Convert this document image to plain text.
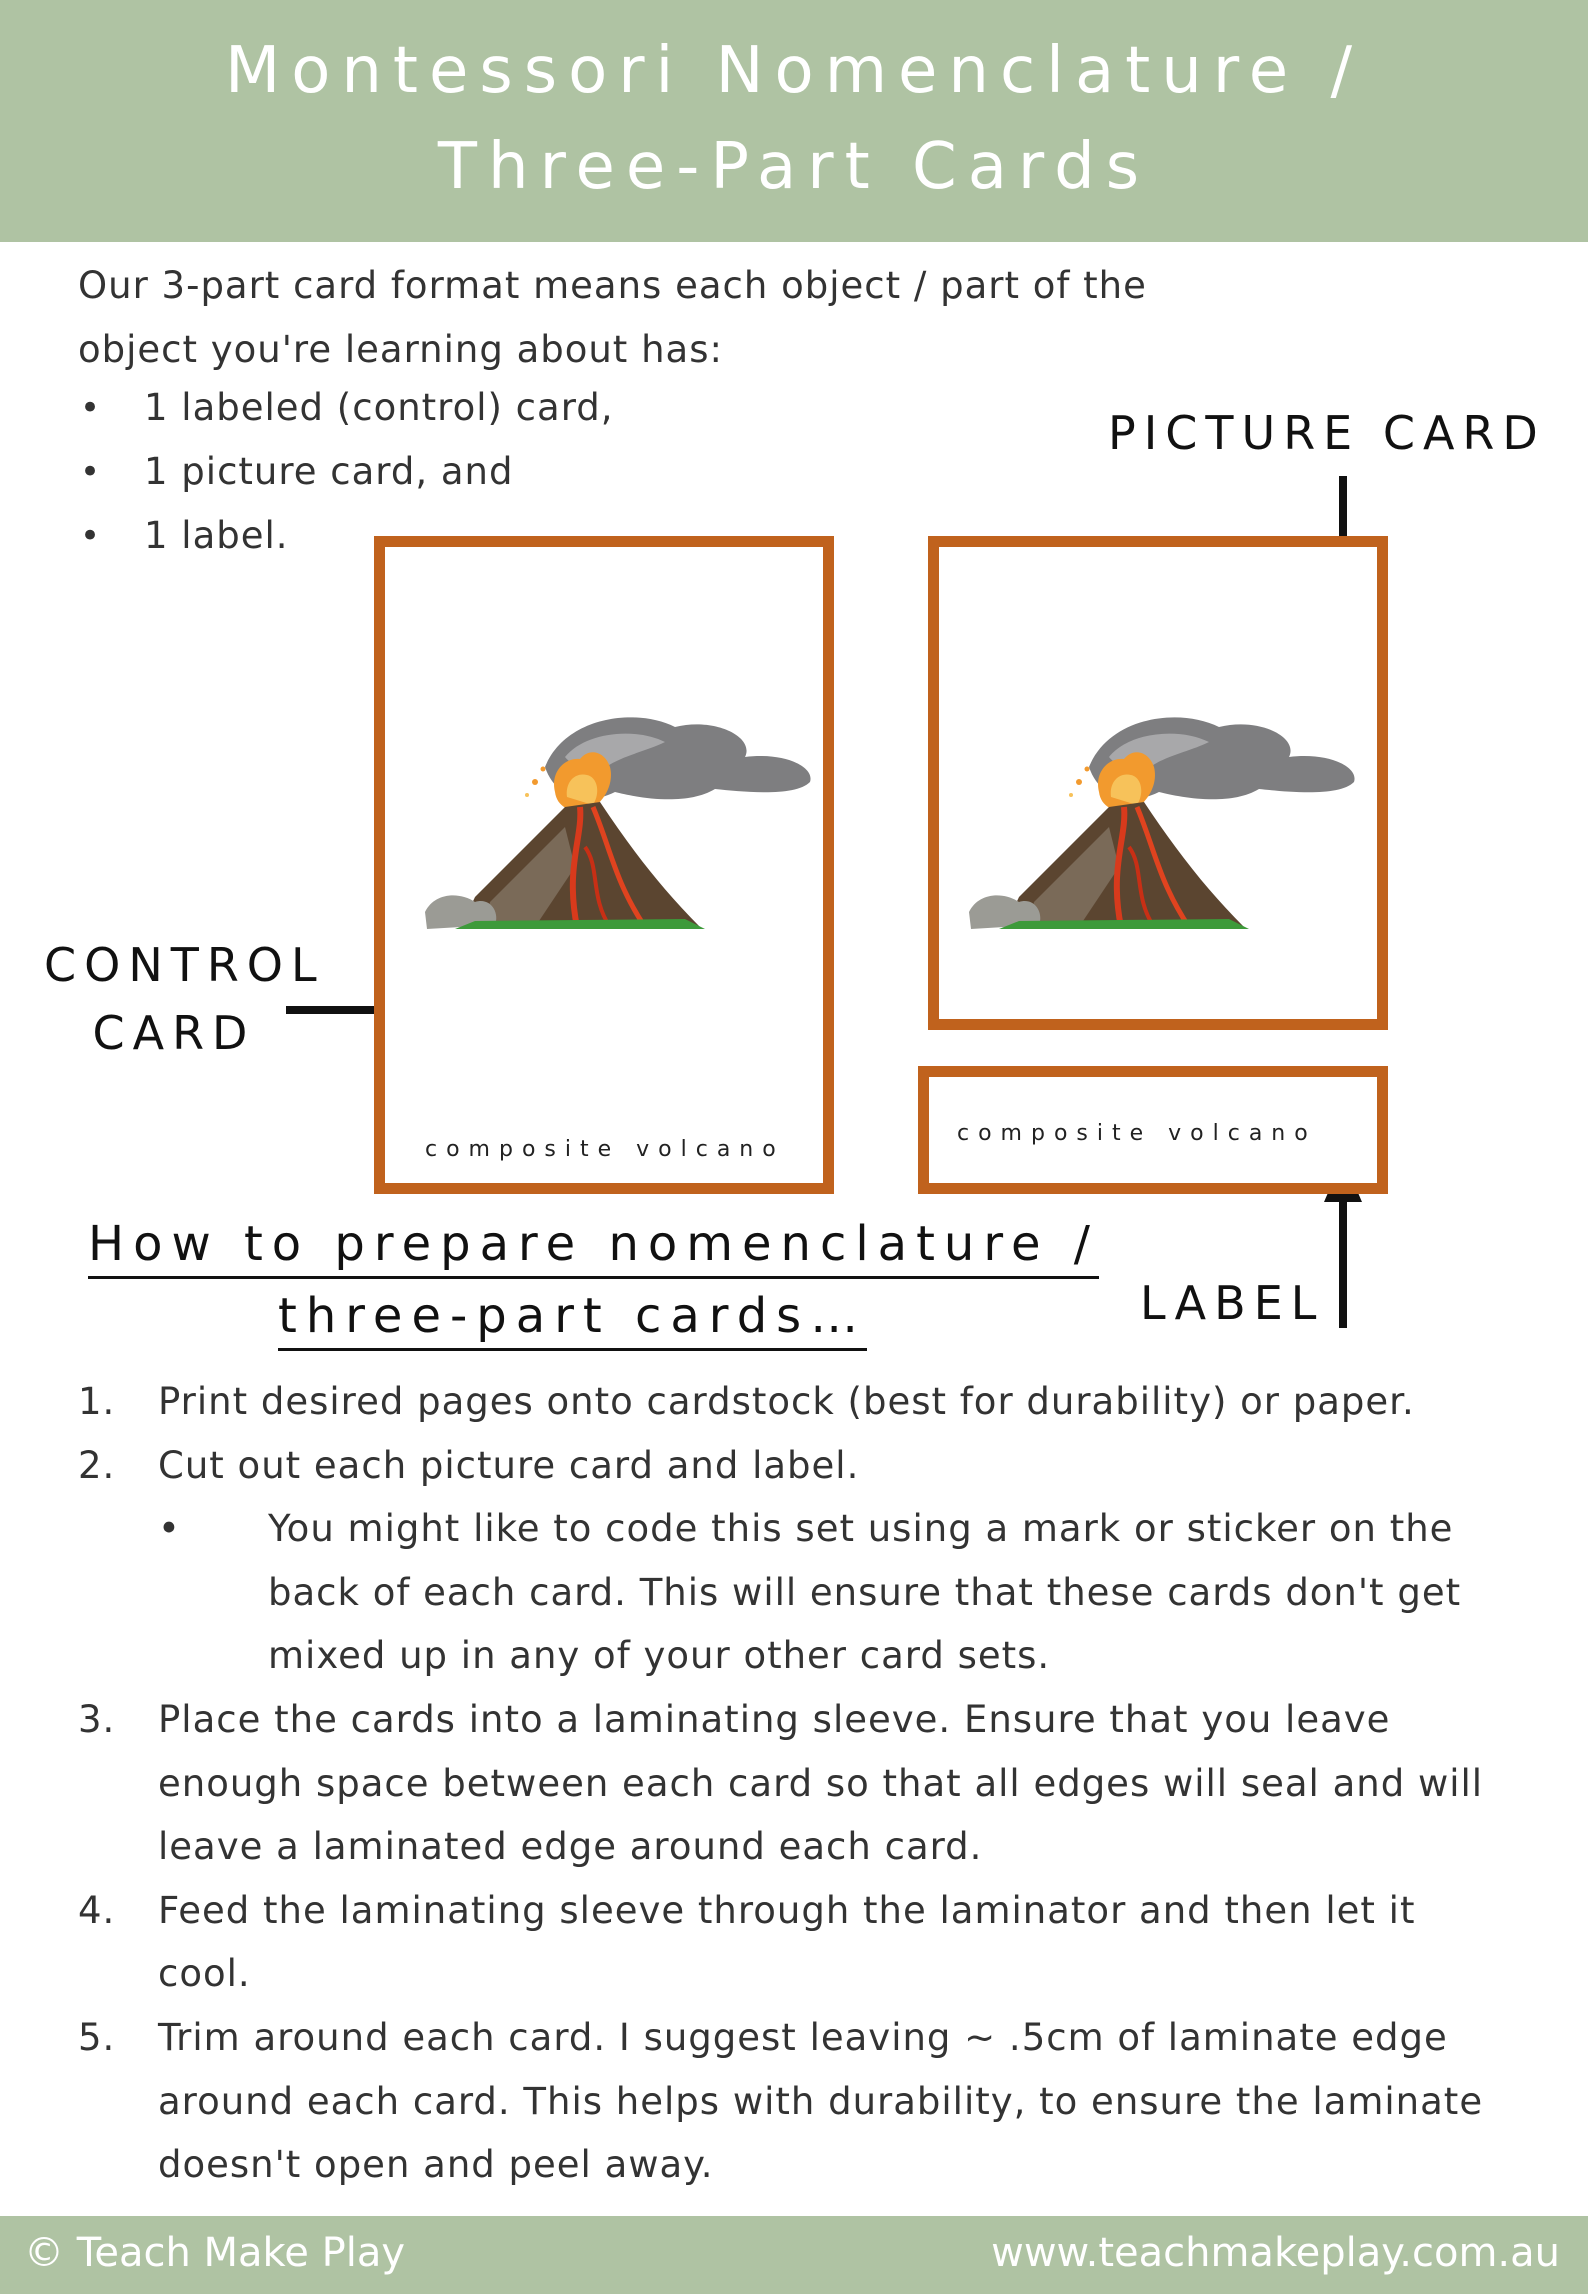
Montessori Nomenclature /
Three-Part Cards

Our 3-part card format means each object / part of the

object you're learning about has:

• 1 labeled (control) card,
• 1 picture card, and
• 1 label.
PICTURE CARD
CONTROL
CARD
LABEL
composite volcano
composite volcano
How to prepare nomenclature /
three-part cards…
1. Print desired pages onto cardstock (best for durability) or paper.
2. Cut out each picture card and label.
• You might like to code this set using a mark or sticker on the back of each card. This will ensure that these cards don't get mixed up in any of your other card sets.
3. Place the cards into a laminating sleeve. Ensure that you leave enough space between each card so that all edges will seal and will leave a laminated edge around each card.
4. Feed the laminating sleeve through the laminator and then let it cool.
5. Trim around each card. I suggest leaving ~ .5cm of laminate edge around each card. This helps with durability, to ensure the laminate doesn't open and peel away.
© Teach Make Play	www.teachmakeplay.com.au
